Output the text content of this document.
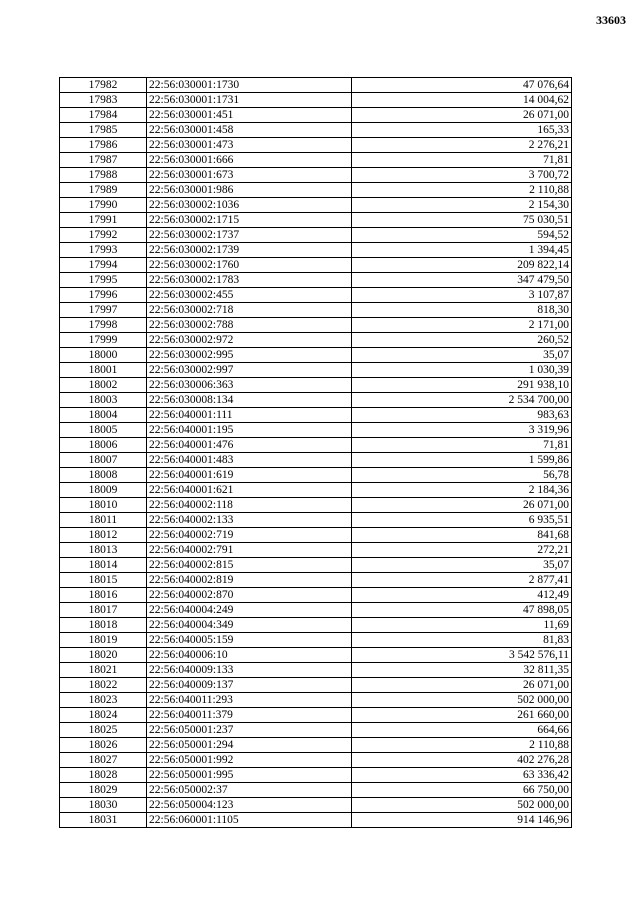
33603
17982	22:56:030001:1730	47 076,64
17983	22:56:030001:1731	14 004,62
17984	22:56:030001:451	26 071,00
17985	22:56:030001:458	165,33
17986	22:56:030001:473	2 276,21
17987	22:56:030001:666	71,81
17988	22:56:030001:673	3 700,72
17989	22:56:030001:986	2 110,88
17990	22:56:030002:1036	2 154,30
17991	22:56:030002:1715	75 030,51
17992	22:56:030002:1737	594,52
17993	22:56:030002:1739	1 394,45
17994	22:56:030002:1760	209 822,14
17995	22:56:030002:1783	347 479,50
17996	22:56:030002:455	3 107,87
17997	22:56:030002:718	818,30
17998	22:56:030002:788	2 171,00
17999	22:56:030002:972	260,52
18000	22:56:030002:995	35,07
18001	22:56:030002:997	1 030,39
18002	22:56:030006:363	291 938,10
18003	22:56:030008:134	2 534 700,00
18004	22:56:040001:111	983,63
18005	22:56:040001:195	3 319,96
18006	22:56:040001:476	71,81
18007	22:56:040001:483	1 599,86
18008	22:56:040001:619	56,78
18009	22:56:040001:621	2 184,36
18010	22:56:040002:118	26 071,00
18011	22:56:040002:133	6 935,51
18012	22:56:040002:719	841,68
18013	22:56:040002:791	272,21
18014	22:56:040002:815	35,07
18015	22:56:040002:819	2 877,41
18016	22:56:040002:870	412,49
18017	22:56:040004:249	47 898,05
18018	22:56:040004:349	11,69
18019	22:56:040005:159	81,83
18020	22:56:040006:10	3 542 576,11
18021	22:56:040009:133	32 811,35
18022	22:56:040009:137	26 071,00
18023	22:56:040011:293	502 000,00
18024	22:56:040011:379	261 660,00
18025	22:56:050001:237	664,66
18026	22:56:050001:294	2 110,88
18027	22:56:050001:992	402 276,28
18028	22:56:050001:995	63 336,42
18029	22:56:050002:37	66 750,00
18030	22:56:050004:123	502 000,00
18031	22:56:060001:1105	914 146,96
